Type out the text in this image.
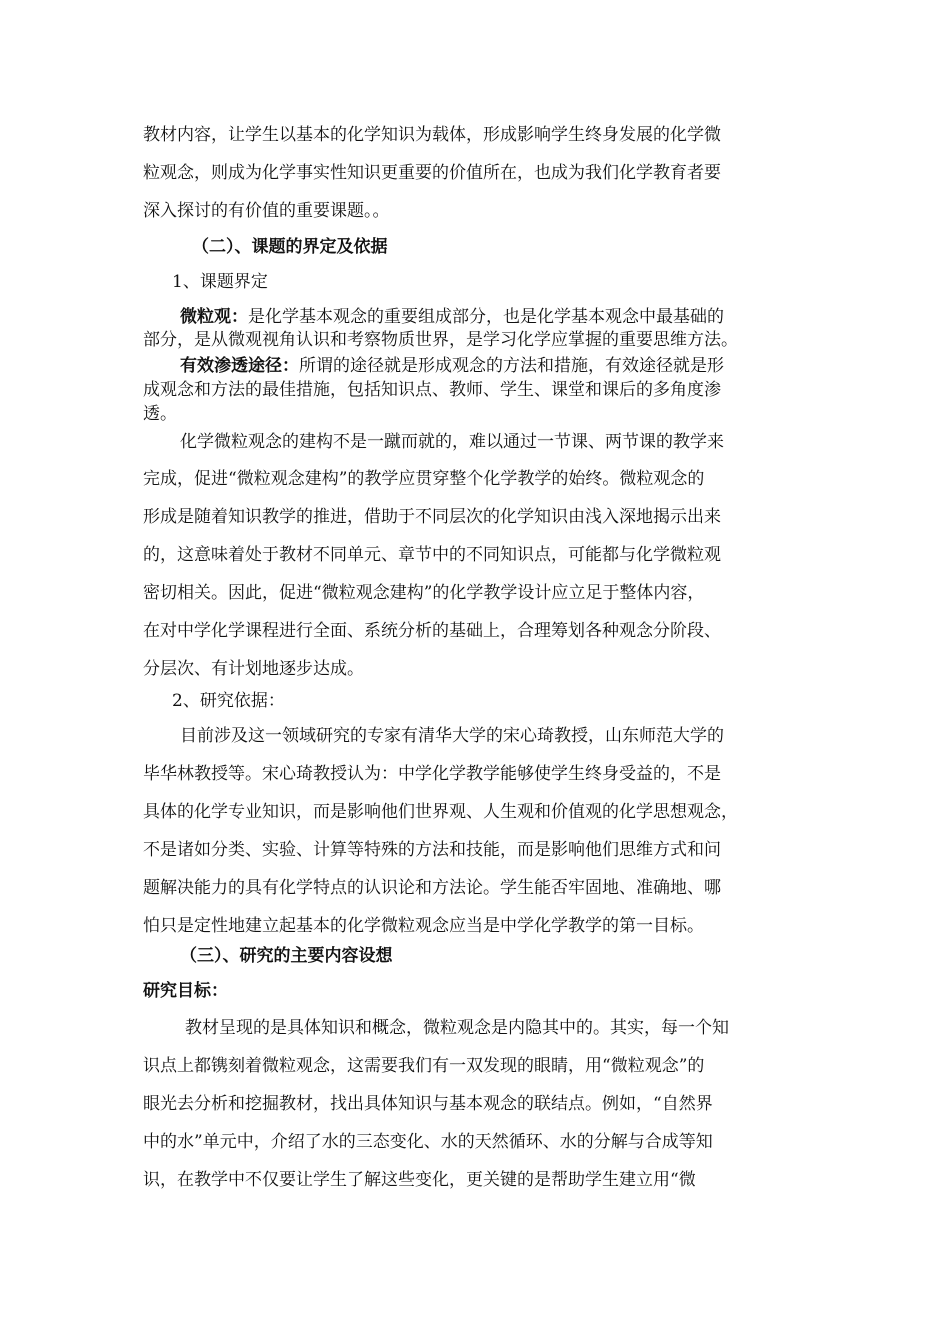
教材内容，让学生以基本的化学知识为载体，形成影响学生终身发展的化学微
粒观念，则成为化学事实性知识更重要的价值所在，也成为我们化学教育者要
深入探讨的有价值的重要课题。。
（二）、课题的界定及依据
1、课题界定
微粒观：是化学基本观念的重要组成部分，也是化学基本观念中最基础的
部分，是从微观视角认识和考察物质世界，是学习化学应掌握的重要思维方法。
有效渗透途径：所谓的途径就是形成观念的方法和措施，有效途径就是形
成观念和方法的最佳措施，包括知识点、教师、学生、课堂和课后的多角度渗
透。
化学微粒观念的建构不是一蹴而就的，难以通过一节课、两节课的教学来
完成，促进“微粒观念建构”的教学应贯穿整个化学教学的始终。微粒观念的
形成是随着知识教学的推进，借助于不同层次的化学知识由浅入深地揭示出来
的，这意味着处于教材不同单元、章节中的不同知识点，可能都与化学微粒观
密切相关。因此，促进“微粒观念建构”的化学教学设计应立足于整体内容，
在对中学化学课程进行全面、系统分析的基础上，合理筹划各种观念分阶段、
分层次、有计划地逐步达成。
2、研究依据：
目前涉及这一领域研究的专家有清华大学的宋心琦教授，山东师范大学的
毕华林教授等。宋心琦教授认为：中学化学教学能够使学生终身受益的，不是
具体的化学专业知识，而是影响他们世界观、人生观和价值观的化学思想观念，
不是诸如分类、实验、计算等特殊的方法和技能，而是影响他们思维方式和问
题解决能力的具有化学特点的认识论和方法论。学生能否牢固地、准确地、哪
怕只是定性地建立起基本的化学微粒观念应当是中学化学教学的第一目标。
（三）、研究的主要内容设想
研究目标：
教材呈现的是具体知识和概念，微粒观念是内隐其中的。其实，每一个知
识点上都镌刻着微粒观念，这需要我们有一双发现的眼睛，用“微粒观念”的
眼光去分析和挖掘教材，找出具体知识与基本观念的联结点。例如，“自然界
中的水”单元中，介绍了水的三态变化、水的天然循环、水的分解与合成等知
识，在教学中不仅要让学生了解这些变化，更关键的是帮助学生建立用“微
